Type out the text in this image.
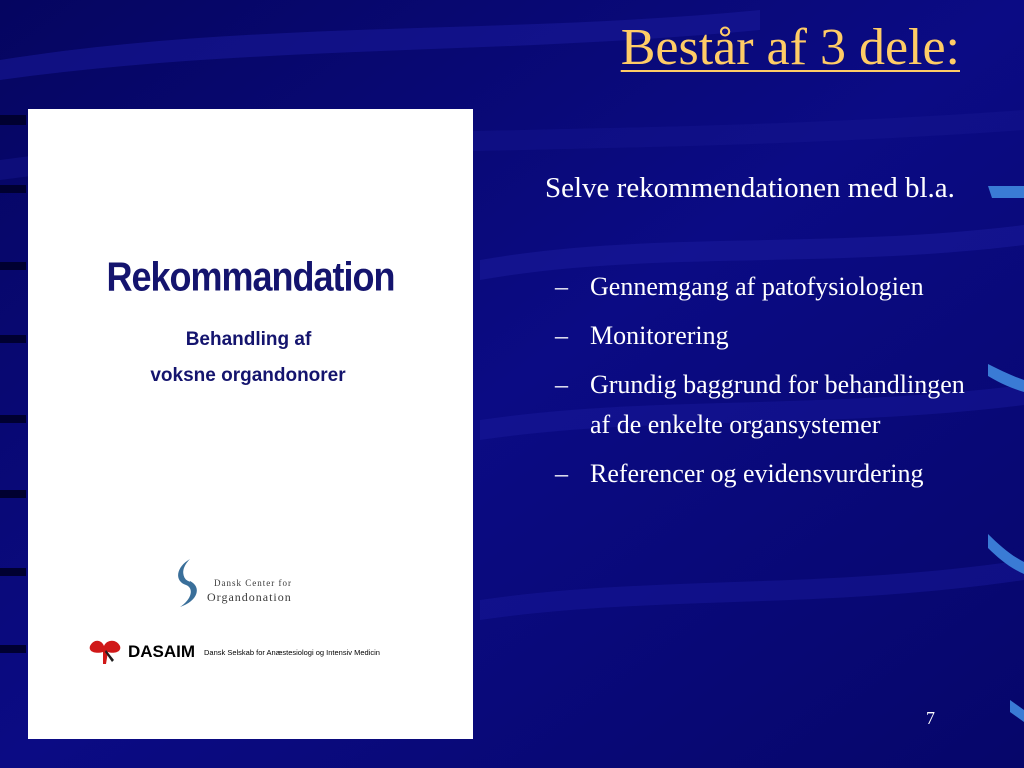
Består af 3 dele:
Rekommandation
Behandling af
voksne organdonorer
Dansk Center for
Organdonation
DASAIM Dansk Selskab for Anæstesiologi og Intensiv Medicin

Selve rekommendationen med bl.a.

– Gennemgang af patofysiologien
– Monitorering
– Grundig baggrund for behandlingen af de enkelte organsystemer
– Referencer og evidensvurdering
7
